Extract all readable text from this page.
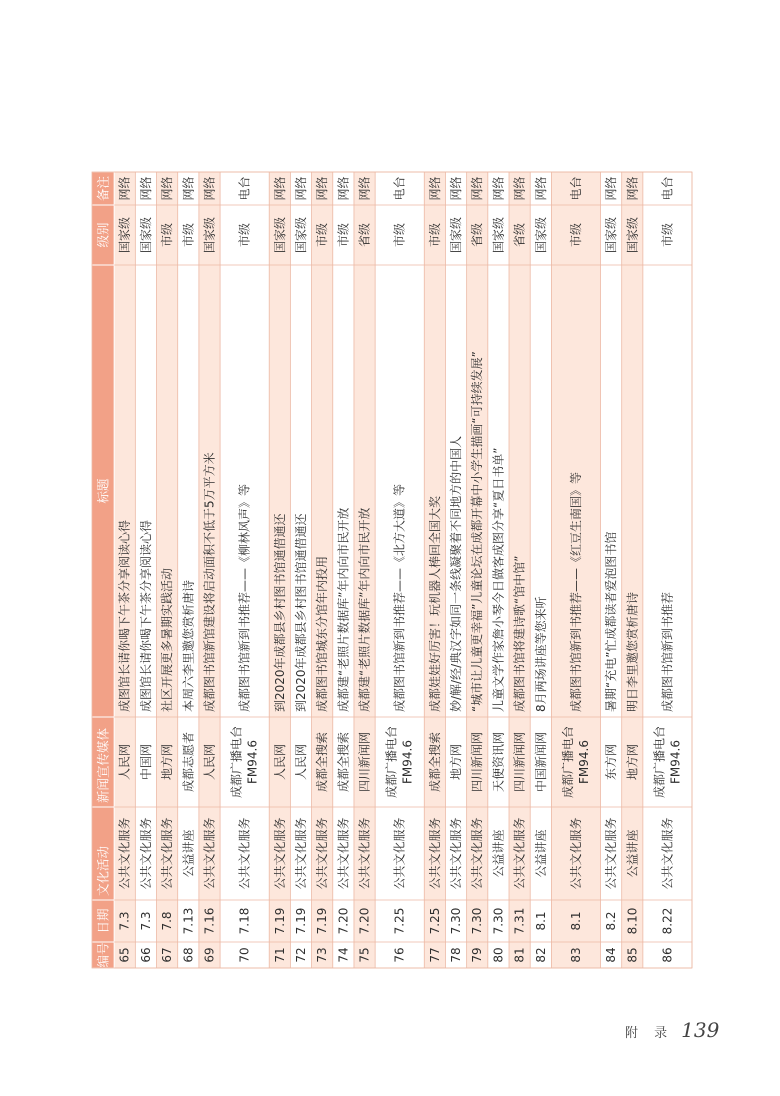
编号
日期
文化活动
新闻宣传媒体
标题
级别
备注
65
7.3
公共文化服务
人民网
成图馆长请你喝下午茶分享阅读心得
国家级
网络
66
7.3
公共文化服务
中国网
成图馆长请你喝下午茶分享阅读心得
国家级
网络
67
7.8
公共文化服务
地方网
社区开展更多暑期实践活动
市级
网络
68
7.13
公益讲座
成都志愿者
本周六李里邀您赏析唐诗
市级
网络
69
7.16
公共文化服务
人民网
成都图书馆新馆建设将启动面积不低于5万平方米
国家级
网络
70
7.18
公共文化服务
成都广播电台 FM94.6
成都图书馆新到书推荐——《柳林风声》等
市级
电台
71
7.19
公共文化服务
人民网
到2020年成都县乡村图书馆通借通还
国家级
网络
72
7.19
公共文化服务
人民网
到2020年成都县乡村图书馆通借通还
国家级
网络
73
7.19
公共文化服务
成都全搜索
成都图书馆城东分馆年内投用
市级
网络
74
7.20
公共文化服务
成都全搜索
成都建“老照片数据库”年内向市民开放
市级
网络
75
7.20
公共文化服务
四川新闻网
成都建“老照片数据库”年内向市民开放
省级
网络
76
7.25
公共文化服务
成都广播电台 FM94.6
成都图书馆新到书推荐——《北方大道》等
市级
电台
77
7.25
公共文化服务
成都全搜索
成都娃娃好厉害！玩机器人棒回全国大奖
市级
网络
78
7.30
公共文化服务
地方网
妙/解/经/典汉字如同一条线凝聚着不同地方的中国人
国家级
网络
79
7.30
公共文化服务
四川新闻网
“城市让儿童更幸福”儿童论坛在成都开幕中小学生描画“可持续发展”
省级
网络
80
7.30
公益讲座
天便资讯网
儿童文学作家詹小琴今日做客成图分享“夏日书单”
国家级
网络
81
7.31
公共文化服务
四川新闻网
成都图书馆将建诗歌“馆中馆”
省级
网络
82
8.1
公益讲座
中国新闻网
8月两场讲座等您来听
国家级
网络
83
8.1
公共文化服务
成都广播电台 FM94.6
成都图书馆新到书推荐——《红豆生南国》等
市级
电台
84
8.2
公共文化服务
东方网
暑期“充电”忙成都读者爱泡图书馆
国家级
网络
85
8.10
公益讲座
地方网
明日李里邀您赏析唐诗
国家级
网络
86
8.22
公共文化服务
成都广播电台 FM94.6
成都图书馆新到书推荐
市级
电台
附 录 139
